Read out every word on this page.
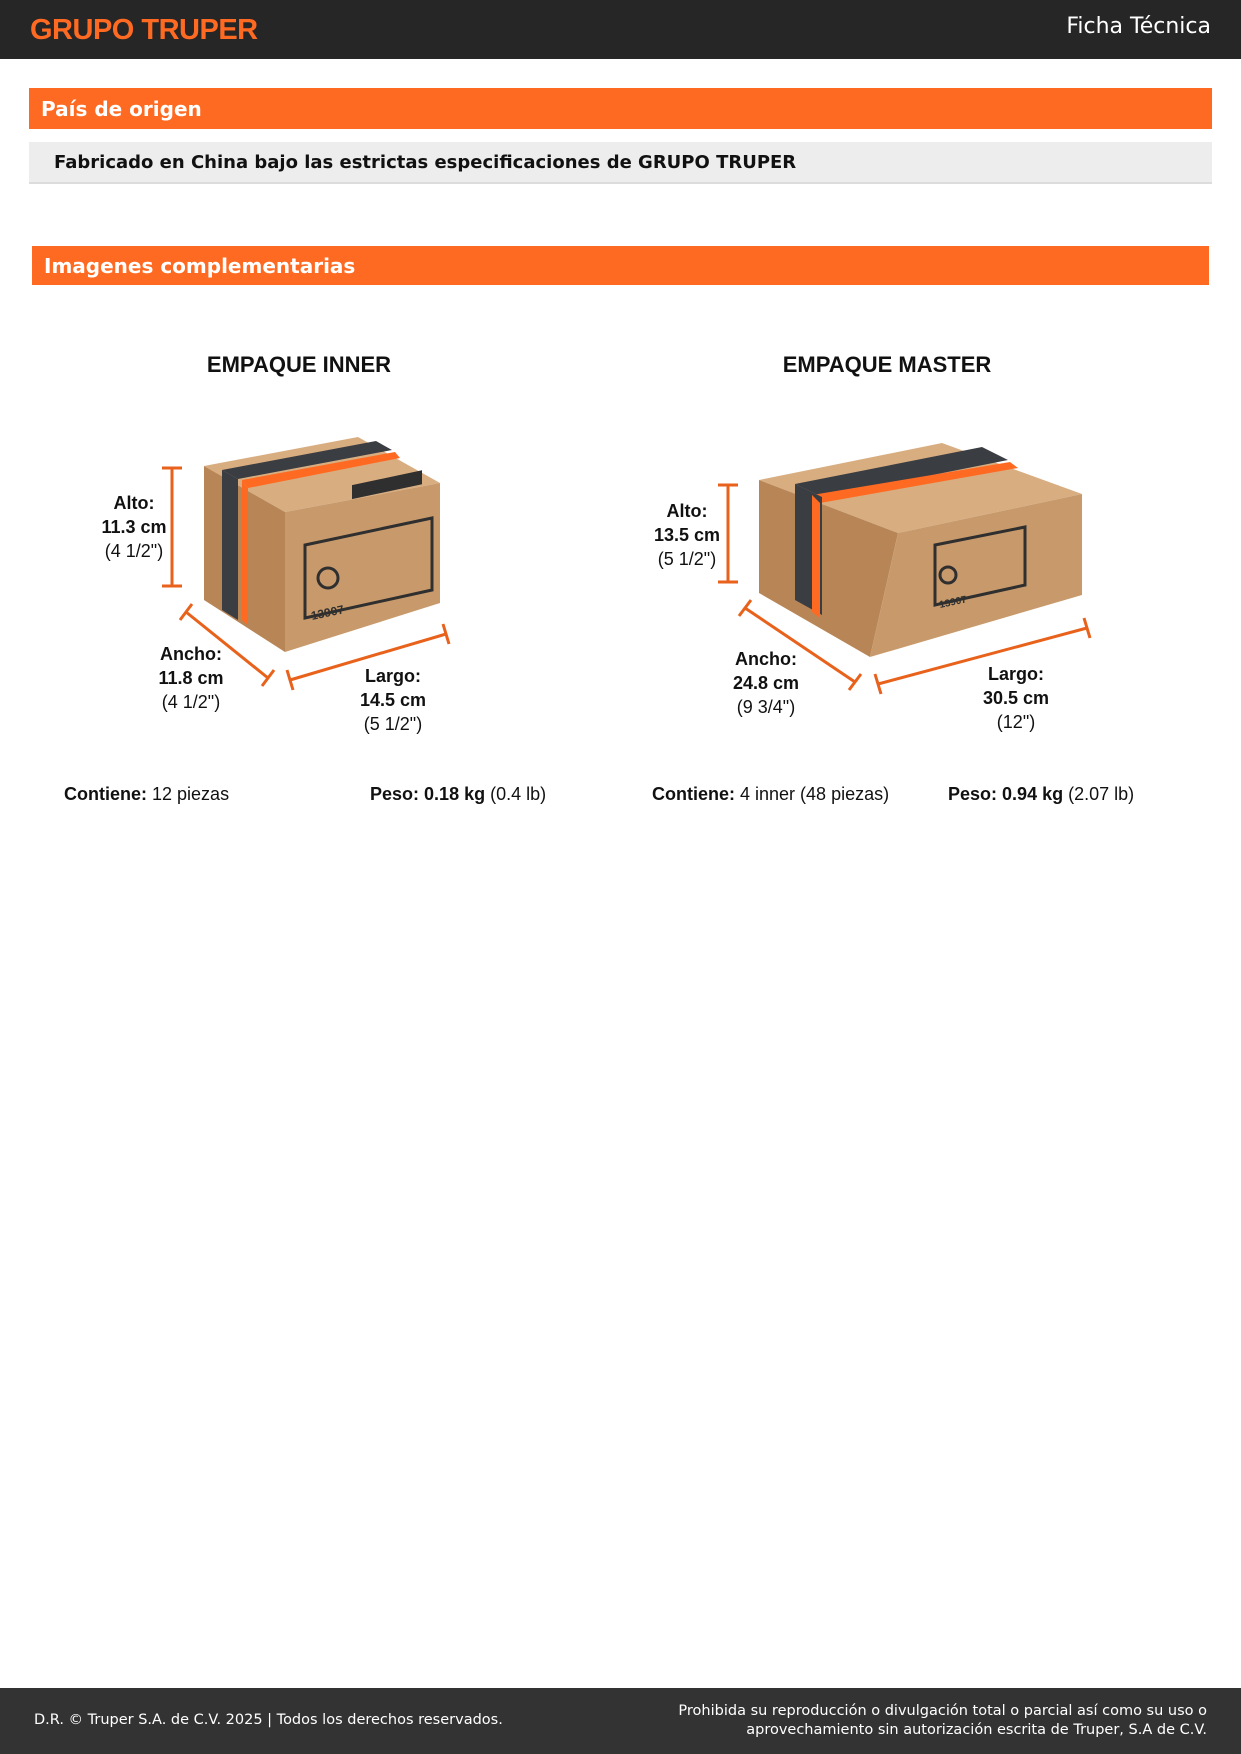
GRUPO TRUPER	Ficha Técnica
País de origen
Fabricado en China bajo las estrictas especificaciones de GRUPO TRUPER
Imagenes complementarias
EMPAQUE INNER	EMPAQUE MASTER
13907	13907
Alto:
11.3 cm
(4 1/2")
Ancho:
11.8 cm
(4 1/2")
Largo:
14.5 cm
(5 1/2")
Alto:
13.5 cm
(5 1/2")
Ancho:
24.8 cm
(9 3/4")
Largo:
30.5 cm
(12")
Contiene: 12 piezas	Peso: 0.18 kg (0.4 lb)	Contiene: 4 inner (48 piezas)	Peso: 0.94 kg (2.07 lb)
D.R. © Truper S.A. de C.V. 2025 | Todos los derechos reservados.
Prohibida su reproducción o divulgación total o parcial así como su uso o
aprovechamiento sin autorización escrita de Truper, S.A de C.V.
